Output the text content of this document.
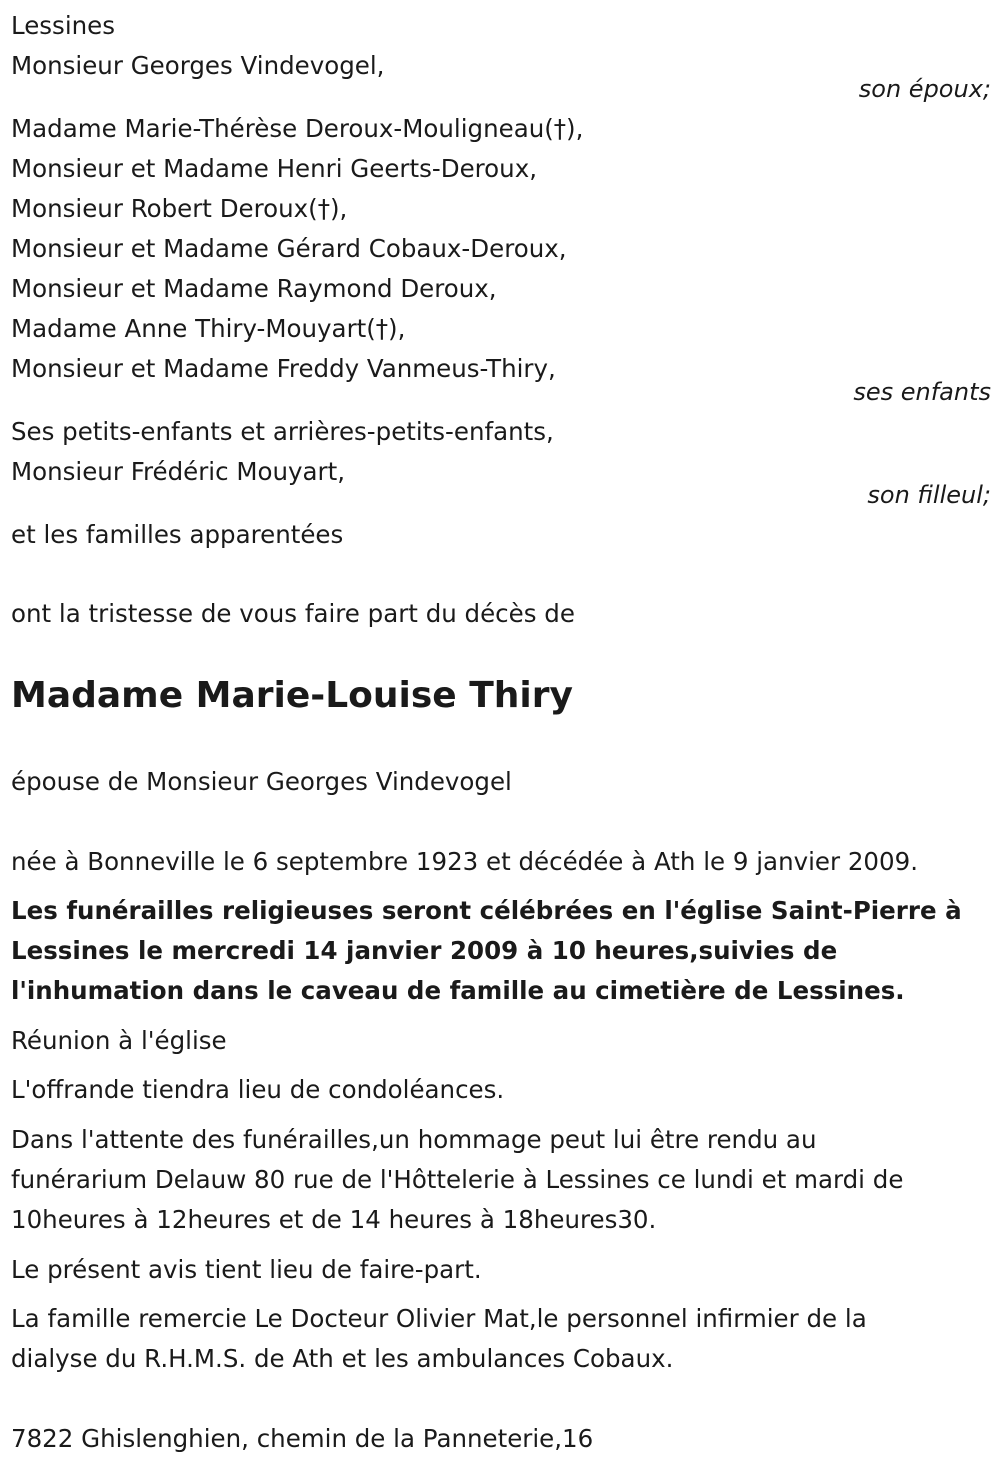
Lessines
Monsieur Georges Vindevogel,
son époux;
Madame Marie-Thérèse Deroux-Mouligneau(†),
Monsieur et Madame Henri Geerts-Deroux,
Monsieur Robert Deroux(†),
Monsieur et Madame Gérard Cobaux-Deroux,
Monsieur et Madame Raymond Deroux,
Madame Anne Thiry-Mouyart(†),
Monsieur et Madame Freddy Vanmeus-Thiry,
ses enfants
Ses petits-enfants et arrières-petits-enfants,
Monsieur Frédéric Mouyart,
son filleul;
et les familles apparentées
ont la tristesse de vous faire part du décès de
Madame Marie-Louise Thiry
épouse de Monsieur Georges Vindevogel
née à Bonneville le 6 septembre 1923 et décédée à Ath le 9 janvier 2009.
Les funérailles religieuses seront célébrées en l'église Saint-Pierre à
Lessines le mercredi 14 janvier 2009 à 10 heures,suivies de
l'inhumation dans le caveau de famille au cimetière de Lessines.
Réunion à l'église
L'offrande tiendra lieu de condoléances.
Dans l'attente des funérailles,un hommage peut lui être rendu au
funérarium Delauw 80 rue de l'Hôttelerie à Lessines ce lundi et mardi de
10heures à 12heures et de 14 heures à 18heures30.
Le présent avis tient lieu de faire-part.
La famille remercie Le Docteur Olivier Mat,le personnel infirmier de la
dialyse du R.H.M.S. de Ath et les ambulances Cobaux.
7822 Ghislenghien, chemin de la Panneterie,16
